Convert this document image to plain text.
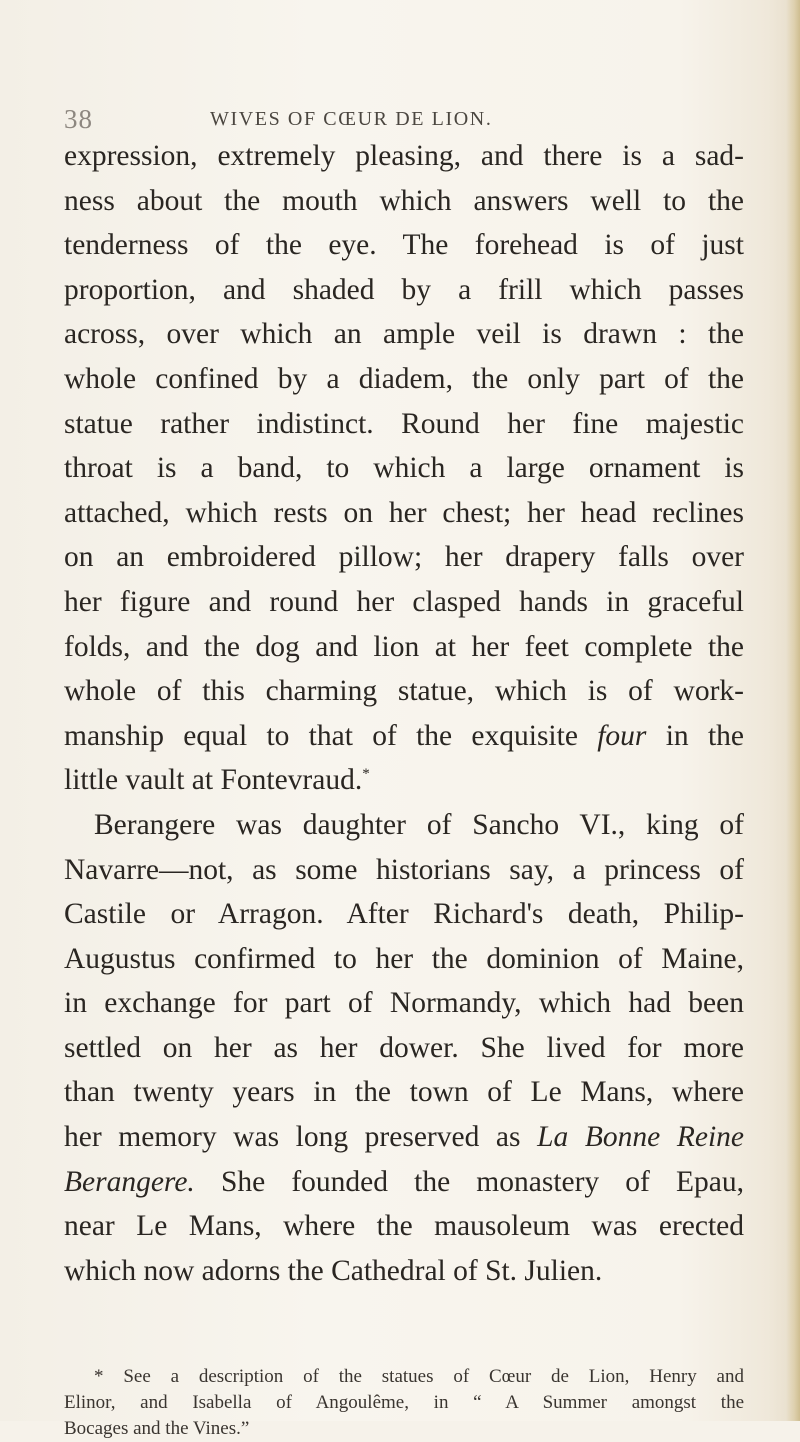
38	WIVES OF CŒUR DE LION.
expression, extremely pleasing, and there is a sad-
ness about the mouth which answers well to the
tenderness of the eye. The forehead is of just
proportion, and shaded by a frill which passes
across, over which an ample veil is drawn : the
whole confined by a diadem, the only part of the
statue rather indistinct. Round her fine majestic
throat is a band, to which a large ornament is
attached, which rests on her chest; her head reclines
on an embroidered pillow; her drapery falls over
her figure and round her clasped hands in graceful
folds, and the dog and lion at her feet complete the
whole of this charming statue, which is of work-
manship equal to that of the exquisite four in the
little vault at Fontevraud.*
Berangere was daughter of Sancho VI., king of
Navarre—not, as some historians say, a princess of
Castile or Arragon. After Richard's death, Philip-
Augustus confirmed to her the dominion of Maine,
in exchange for part of Normandy, which had been
settled on her as her dower. She lived for more
than twenty years in the town of Le Mans, where
her memory was long preserved as La Bonne Reine
Berangere. She founded the monastery of Epau,
near Le Mans, where the mausoleum was erected
which now adorns the Cathedral of St. Julien.
* See a description of the statues of Cœur de Lion, Henry and
Elinor, and Isabella of Angoulême, in “ A Summer amongst the
Bocages and the Vines.”
